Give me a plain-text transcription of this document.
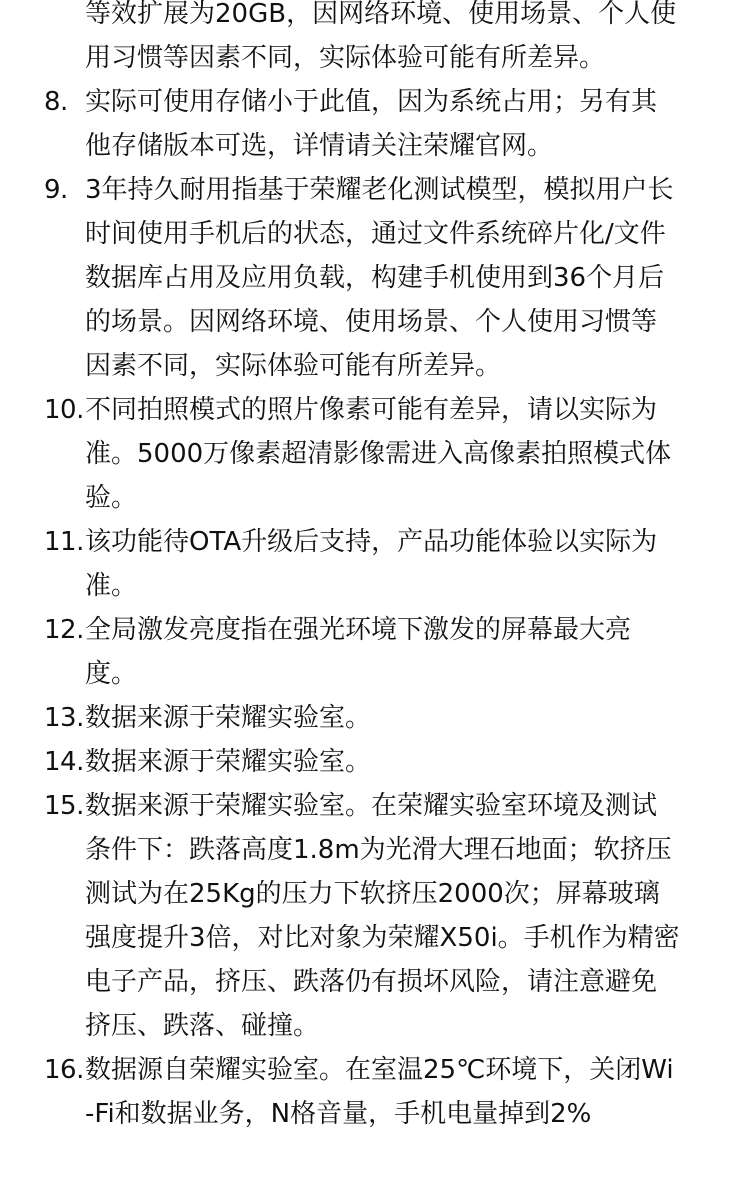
等效扩展为20GB，因网络环境、使用场景、个人使用习惯等因素不同，实际体验可能有所差异。
8. 实际可使用存储小于此值，因为系统占用；另有其他存储版本可选，详情请关注荣耀官网。
9. 3年持久耐用指基于荣耀老化测试模型，模拟用户长时间使用手机后的状态，通过文件系统碎片化/文件数据库占用及应用负载，构建手机使用到36个月后的场景。因网络环境、使用场景、个人使用习惯等因素不同，实际体验可能有所差异。
10. 不同拍照模式的照片像素可能有差异，请以实际为准。5000万像素超清影像需进入高像素拍照模式体验。
11. 该功能待OTA升级后支持，产品功能体验以实际为准。
12. 全局激发亮度指在强光环境下激发的屏幕最大亮度。
13. 数据来源于荣耀实验室。
14. 数据来源于荣耀实验室。
15. 数据来源于荣耀实验室。在荣耀实验室环境及测试条件下：跌落高度1.8m为光滑大理石地面；软挤压测试为在25Kg的压力下软挤压2000次；屏幕玻璃强度提升3倍，对比对象为荣耀X50i。手机作为精密电子产品，挤压、跌落仍有损坏风险，请注意避免挤压、跌落、碰撞。
16. 数据源自荣耀实验室。在室温25℃环境下，关闭Wi-Fi和数据业务，N格音量，手机电量掉到2%
